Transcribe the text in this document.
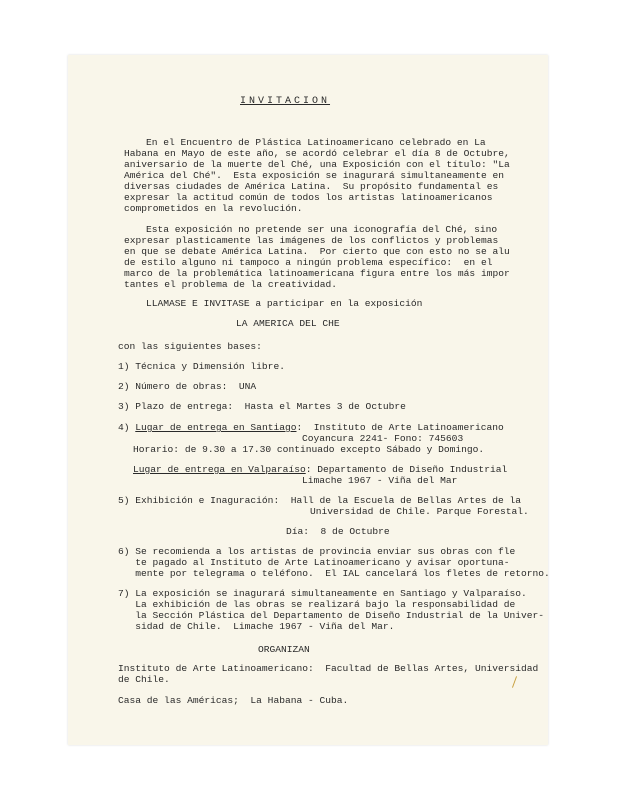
INVITACION
En el Encuentro de Plástica Latinoamericano celebrado en La
Habana en Mayo de este año, se acordó celebrar el día 8 de Octubre,
aniversario de la muerte del Ché, una Exposición con el título: "La
América del Ché".  Esta exposición se inagurará simultaneamente en
diversas ciudades de América Latina.  Su propósito fundamental es
expresar la actitud común de todos los artistas latinoamericanos
comprometidos en la revolución.
Esta exposición no pretende ser una iconografía del Ché, sino
expresar plasticamente las imágenes de los conflictos y problemas
en que se debate América Latina.  Por cierto que con esto no se alu
de estilo alguno ni tampoco a ningún problema específico:  en el
marco de la problemática latinoamericana figura entre los más impor
tantes el problema de la creatividad.
LLAMASE E INVITASE a participar en la exposición
LA AMERICA DEL CHE
con las siguientes bases:
1) Técnica y Dimensión libre.
2) Número de obras:  UNA
3) Plazo de entrega:  Hasta el Martes 3 de Octubre
4) Lugar de entrega en Santiago:  Instituto de Arte Latinoamericano
Coyancura 2241- Fono: 745603
Horario: de 9.30 a 17.30 continuado excepto Sábado y Domingo.
Lugar de entrega en Valparaíso: Departamento de Diseño Industrial
Limache 1967 - Viña del Mar
5) Exhibición e Inaguración:  Hall de la Escuela de Bellas Artes de la
Universidad de Chile. Parque Forestal.
Día:  8 de Octubre
6) Se recomienda a los artistas de provincia enviar sus obras con fle
te pagado al Instituto de Arte Latinoamericano y avisar oportuna-
mente por telegrama o teléfono.  El IAL cancelará los fletes de retorno.
7) La exposición se inagurará simultaneamente en Santiago y Valparaíso.
La exhibición de las obras se realizará bajo la responsabilidad de
la Sección Plástica del Departamento de Diseño Industrial de la Univer-
sidad de Chile.  Limache 1967 - Viña del Mar.
ORGANIZAN
Instituto de Arte Latinoamericano:  Facultad de Bellas Artes, Universidad
de Chile.
Casa de las Américas;  La Habana - Cuba.
